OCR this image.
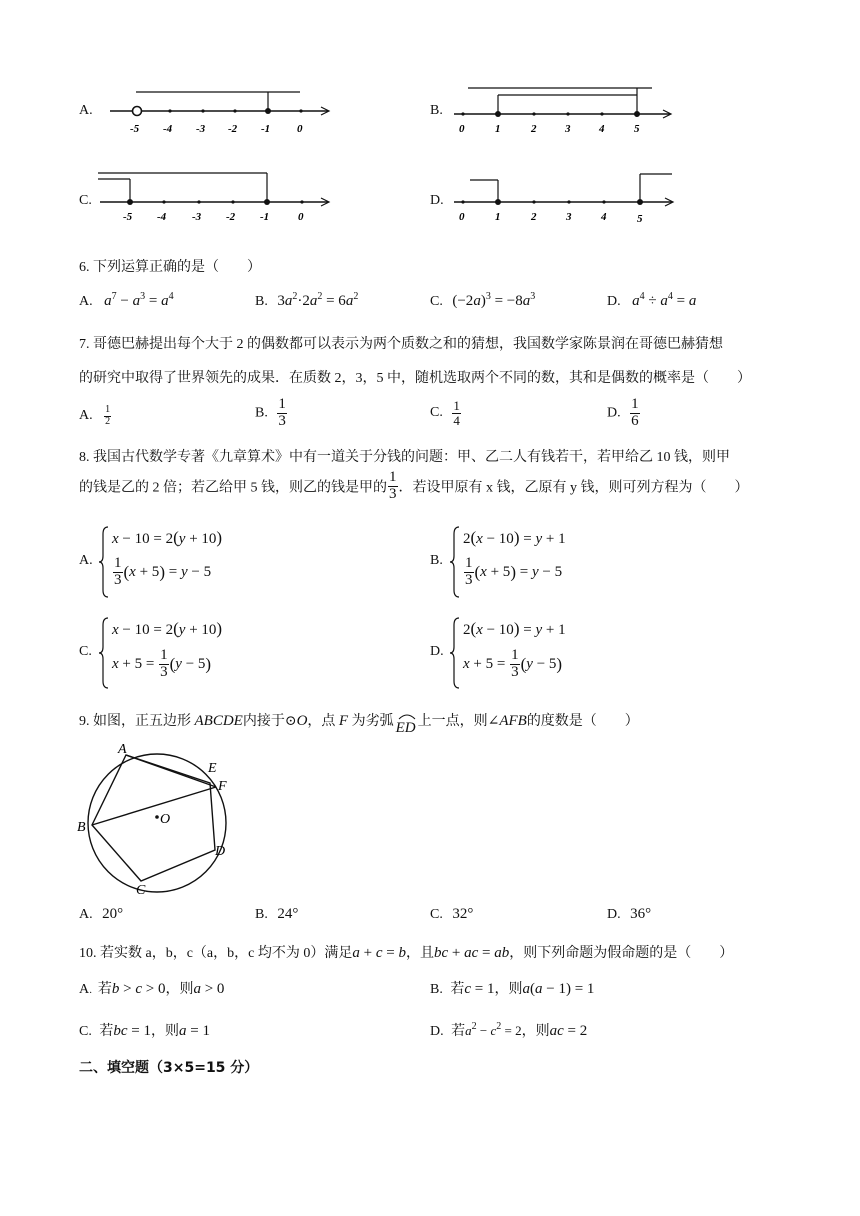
A.
-5 -4 -3 -2 -1 0
B.
0	1	2	3	4	5
C.
-5 -4 -3 -2 -1	0
D.
0	1	2	3	4	5
6. 下列运算正确的是（　　）
A. $a^7 - a^3 = a^4$	B. $3a^2\cdot 2a^2 = 6a^2$	C. $(-2a)^3 = -8a^3$	D. $a^4 \div a^4 = a$
7. 哥德巴赫提出每个大于 2 的偶数都可以表示为两个质数之和的猜想，我国数学家陈景润在哥德巴赫猜想
的研究中取得了世界领先的成果．在质数 2，3，5 中，随机选取两个不同的数，其和是偶数的概率是（　　）
A. $\frac{1}{2}$	B. $\frac{1}{3}$	C. $\frac{1}{4}$	D. $\frac{1}{6}$
8. 我国古代数学专著《九章算术》中有一道关于分钱的问题：甲、乙二人有钱若干，若甲给乙 10 钱，则甲
的钱是乙的 2 倍；若乙给甲 5 钱，则乙的钱是甲的 $\frac{1}{3}$ ．若设甲原有 x 钱，乙原有 y 钱，则可列方程为（　　）
A.
x − 10 = 2(y + 10)
$\frac{1}{3} (x + 5) = y - 5$
B.
2(x − 10) = y + 1
$\frac{1}{3} (x + 5) = y - 5$
C.
x − 10 = 2(y + 10)
$x + 5 = \frac{1}{3} (y - 5)$
D.
2(x − 10) = y + 1
$x + 5 = \frac{1}{3} (y - 5)$
9. 如图，正五边形 ABCDE内接于⊙O，点 F 为劣弧 ED 上一点，则∠AFB的度数是（　　）
A
E
F
B
O
D
C
A. 20°	B. 24°	C. 32°	D. 36°
10. 若实数 a，b，c（a，b，c 均不为 0）满足a + c = b，且bc + ac = ab，则下列命题为假命题的是（　　）
A 若b > c > 0，则a > 0
·	B. 若c = 1，则a(a − 1) = 1
C. 若bc = 1，则a = 1	D. 若$a^2 - c^2 = 2$，则ac = 2
二、填空题（3×5=15 分）
